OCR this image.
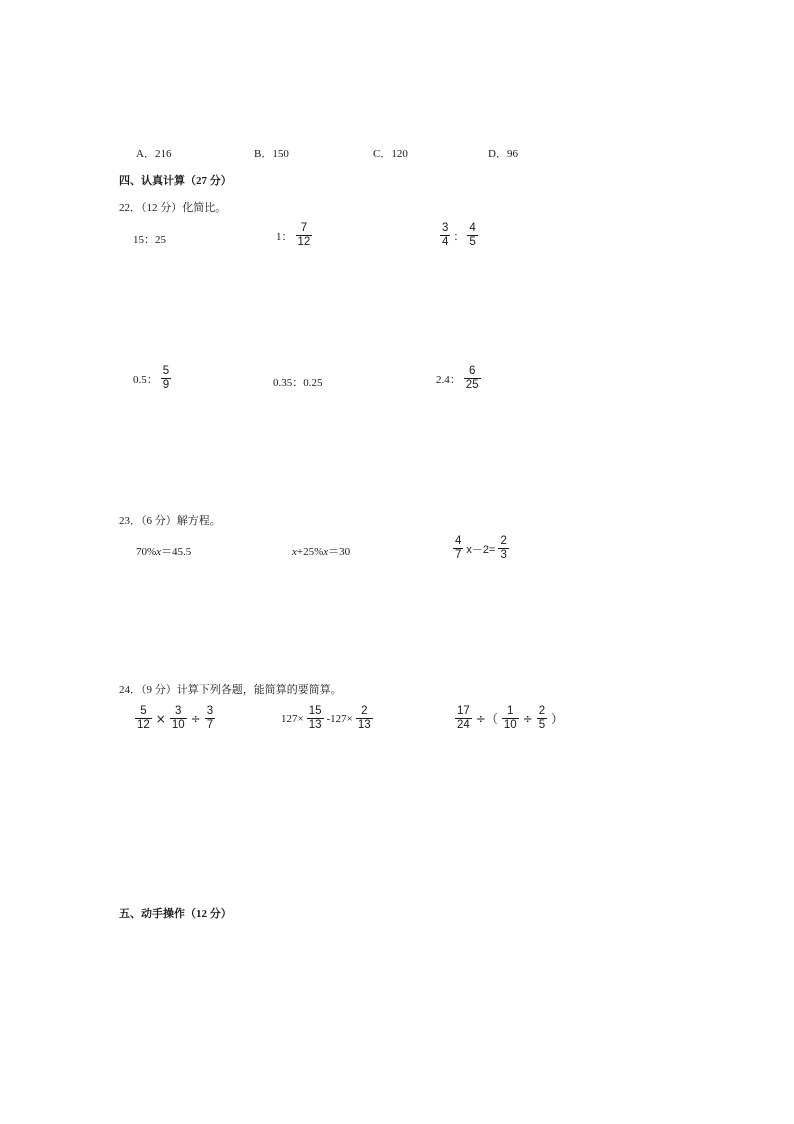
A．216	B．150	C．120	D．96
四、认真计算（27 分）
22．（12 分）化简比。
15：25	1： $\frac{7}{12}$	$\frac{3}{4}$ ： $\frac{4}{5}$
0.5： $\frac{5}{9}$	0.35：0.25	2.4： $\frac{6}{25}$
23．（6 分）解方程。
70%x＝45.5	x+25%x＝30	$\frac{4}{7} x-2= \frac{2}{3}$
24．（9 分）计算下列各题，能简算的要简算。
$\frac{5}{12} \times \frac{3}{10} \div \frac{3}{7}$	$127\times \frac{15}{13} -127\times \frac{2}{13}$	$\frac{17}{24}$ ÷（ $\frac{1}{10} \div \frac{2}{5}$ ）
五、动手操作（12 分）
